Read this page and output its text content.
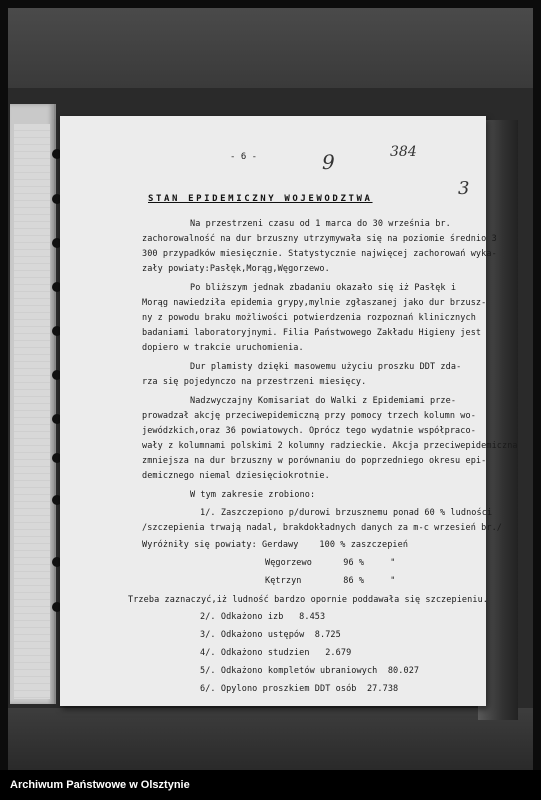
- 6 -	9	384
3
STAN EPIDEMICZNY WOJEWODZTWA
Na przestrzeni czasu od 1 marca do 30 września br.
zachorowalność na dur brzuszny utrzymywała się na poziomie średnio 3
300 przypadków miesięcznie. Statystycznie najwięcej zachorowań wyka-
zały powiaty:Pasłęk,Morąg,Węgorzewo.
Po bliższym jednak zbadaniu okazało się iż Pasłęk i
Morąg nawiedziła epidemia grypy,mylnie zgłaszanej jako dur brzusz-
ny z powodu braku możliwości potwierdzenia rozpoznań klinicznych
badaniami laboratoryjnymi. Filia Państwowego Zakładu Higieny jest
dopiero w trakcie uruchomienia.
Dur plamisty dzięki masowemu użyciu proszku DDT zda-
rza się pojedynczo na przestrzeni miesięcy.
Nadzwyczajny Komisariat do Walki z Epidemiami prze-
prowadzał akcję przeciwepidemiczną przy pomocy trzech kolumn wo-
jewódzkich,oraz 36 powiatowych. Oprócz tego wydatnie współpraco-
wały z kolumnami polskimi 2 kolumny radzieckie. Akcja przeciwepidemiczna
zmniejsza na dur brzuszny w porównaniu do poprzedniego okresu epi-
demicznego niemal dziesięciokrotnie.
W tym zakresie zrobiono:
1/. Zaszczepiono p/durowi brzusznemu ponad 60 % ludności
/szczepienia trwają nadal, brakdokładnych danych za m-c wrzesień br./
Wyróżniły się powiaty: Gerdawy    100 % zaszczepień
Węgorzewo      96 %     "
Kętrzyn        86 %     "
Trzeba zaznaczyć,iż ludność bardzo opornie poddawała się szczepieniu.
2/. Odkażono izb   8.453
3/. Odkażono ustępów  8.725
4/. Odkażono studzien   2.679
5/. Odkażono kompletów ubraniowych  80.027
6/. Opylono proszkiem DDT osób  27.738
Archiwum Państwowe w Olsztynie
